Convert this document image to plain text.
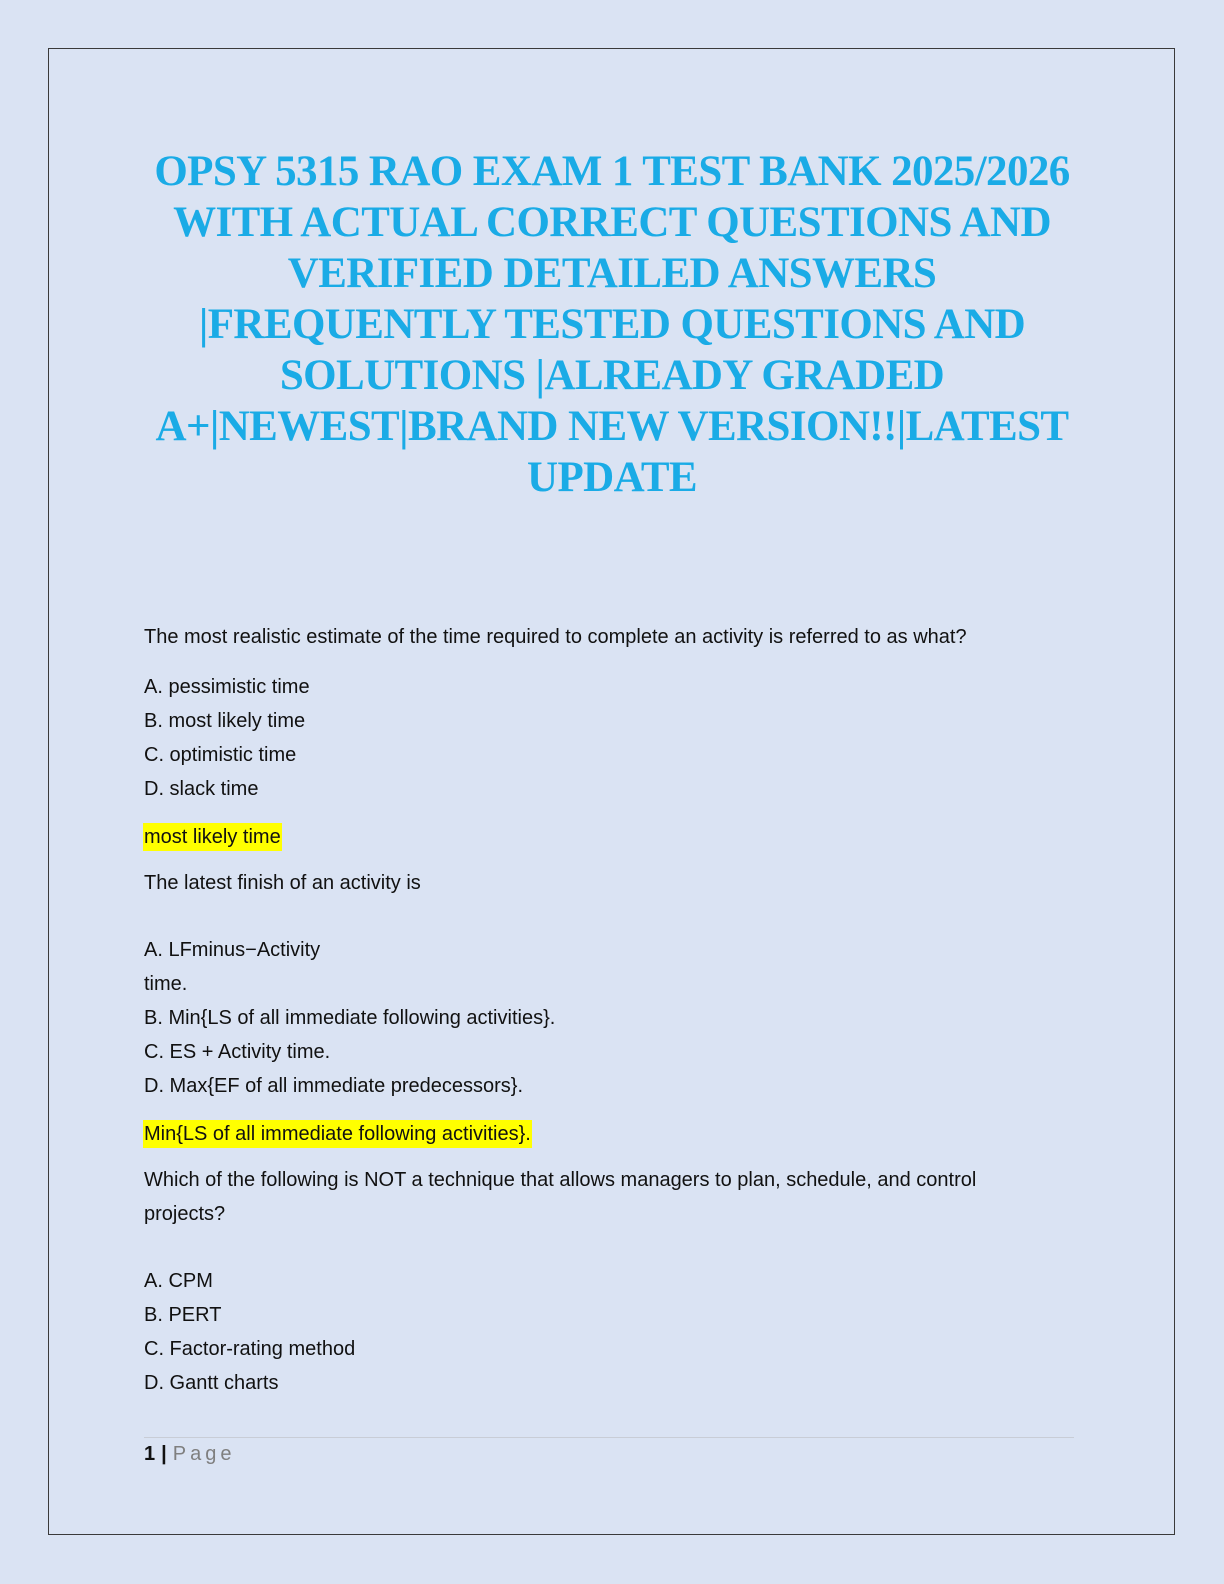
OPSY 5315 RAO EXAM 1 TEST BANK 2025/2026
WITH ACTUAL CORRECT QUESTIONS AND
VERIFIED DETAILED ANSWERS
|FREQUENTLY TESTED QUESTIONS AND
SOLUTIONS |ALREADY GRADED
A+|NEWEST|BRAND NEW VERSION!!|LATEST
UPDATE

The most realistic estimate of the time required to complete an activity is referred to as what?

A. pessimistic time
B. most likely time
C. optimistic time
D. slack time
most likely time

The latest finish of an activity is

A. LFminus−Activity
time.
B. Min{LS of all immediate following activities}.
C. ES + Activity time.
D. Max{EF of all immediate predecessors}.
Min{LS of all immediate following activities}.

Which of the following is NOT a technique that allows managers to plan, schedule, and control

projects?

A. CPM
B. PERT
C. Factor-rating method
D. Gantt charts
1 | Page
